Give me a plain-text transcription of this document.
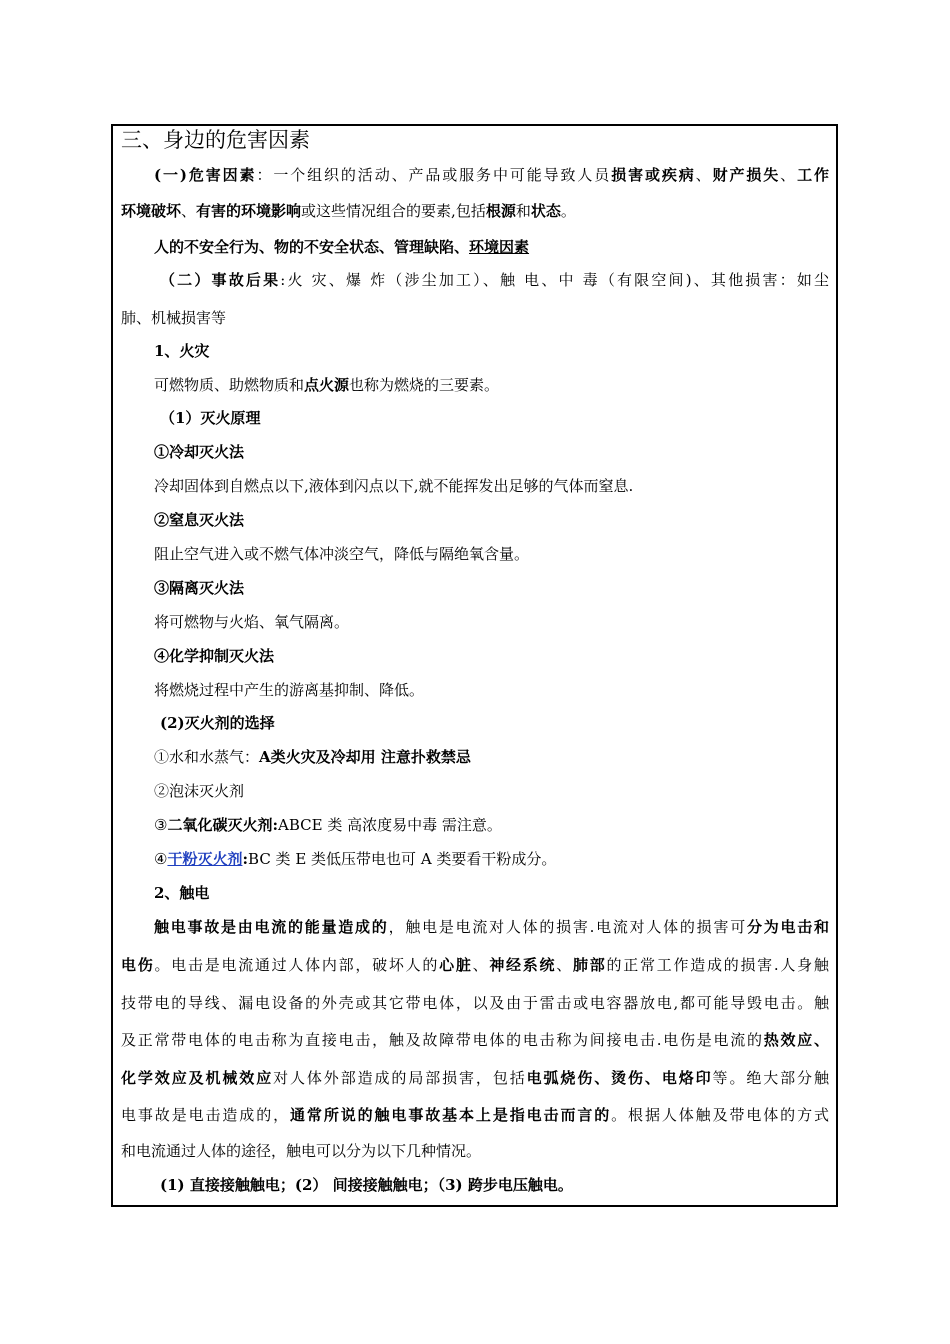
三、身边的危害因素
(一)危害因素：一个组织的活动、产品或服务中可能导致人员损害或疾病、财产损失、工作
环境破坏、有害的环境影响或这些情况组合的要素,包括根源和状态。
人的不安全行为、物的不安全状态、管理缺陷、环境因素
（二）事故后果:火 灾、爆 炸（涉尘加工）、触 电、中 毒（有限空间)、其他损害：如尘
肺、机械损害等
1、火灾
可燃物质、助燃物质和点火源也称为燃烧的三要素。
（1）灭火原理
①冷却灭火法
冷却固体到自燃点以下,液体到闪点以下,就不能挥发出足够的气体而窒息.
②窒息灭火法
阻止空气进入或不燃气体冲淡空气，降低与隔绝氧含量。
③隔离灭火法
将可燃物与火焰、氧气隔离。
④化学抑制灭火法
将燃烧过程中产生的游离基抑制、降低。
(2)灭火剂的选择
①水和水蒸气：A类火灾及冷却用 注意扑救禁忌
②泡沫灭火剂
③二氧化碳灭火剂:ABCE 类 高浓度易中毒 需注意。
④干粉灭火剂:BC 类 E 类低压带电也可 A 类要看干粉成分。
2、触电
触电事故是由电流的能量造成的，触电是电流对人体的损害.电流对人体的损害可分为电击和
电伤。电击是电流通过人体内部，破坏人的心脏、神经系统、肺部的正常工作造成的损害.人身触
技带电的导线、漏电设备的外壳或其它带电体，以及由于雷击或电容器放电,都可能导毁电击。触
及正常带电体的电击称为直接电击，触及故障带电体的电击称为间接电击.电伤是电流的热效应、
化学效应及机械效应对人体外部造成的局部损害，包括电弧烧伤、烫伤、电烙印等。绝大部分触
电事故是电击造成的，通常所说的触电事故基本上是指电击而言的。根据人体触及带电体的方式
和电流通过人体的途径，触电可以分为以下几种情况。
(1) 直接接触触电；(2） 间接接触触电；（3) 跨步电压触电。
